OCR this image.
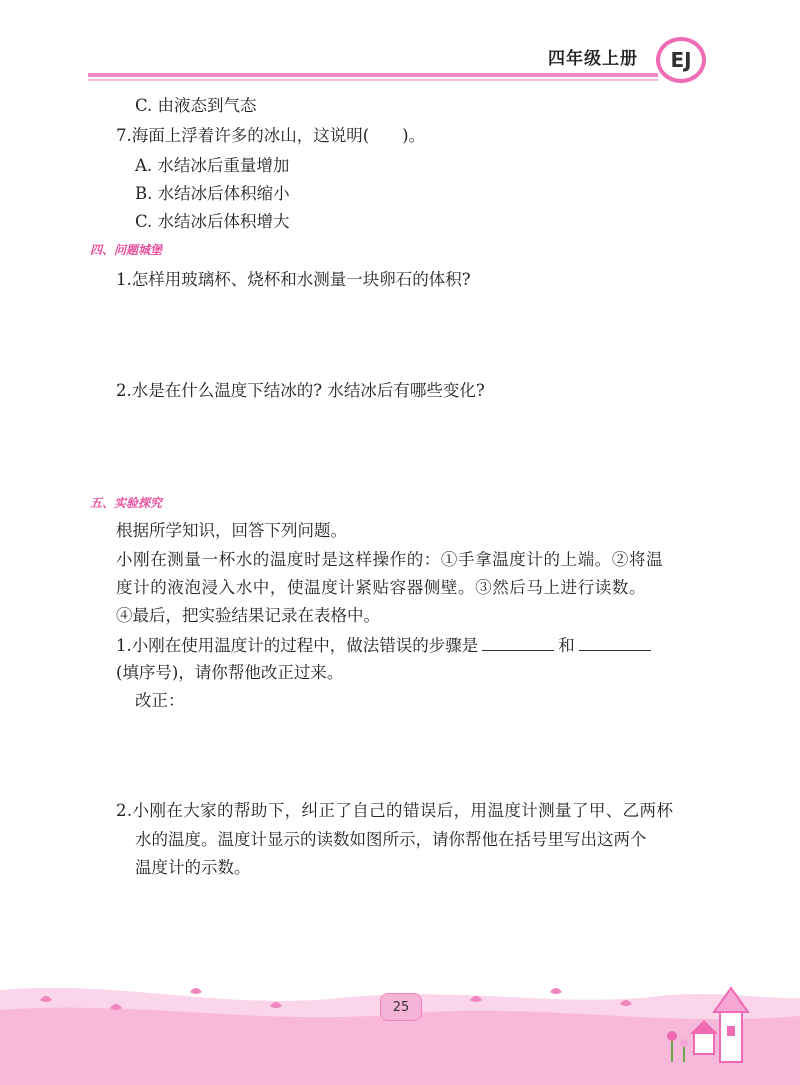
四年级上册	EJ
C. 由液态到气态
7.海面上浮着许多的冰山，这说明(　　)。
A. 水结冰后重量增加
B. 水结冰后体积缩小
C. 水结冰后体积增大
四、问题城堡
1.怎样用玻璃杯、烧杯和水测量一块卵石的体积?
2.水是在什么温度下结冰的? 水结冰后有哪些变化?
五、实验探究
根据所学知识，回答下列问题。
小刚在测量一杯水的温度时是这样操作的：①手拿温度计的上端。②将温
度计的液泡浸入水中，使温度计紧贴容器侧壁。③然后马上进行读数。
④最后，把实验结果记录在表格中。
1.小刚在使用温度计的过程中，做法错误的步骤是	和
(填序号)，请你帮他改正过来。
改正：
2.小刚在大家的帮助下，纠正了自己的错误后，用温度计测量了甲、乙两杯
水的温度。温度计显示的读数如图所示，请你帮他在括号里写出这两个
温度计的示数。
25
